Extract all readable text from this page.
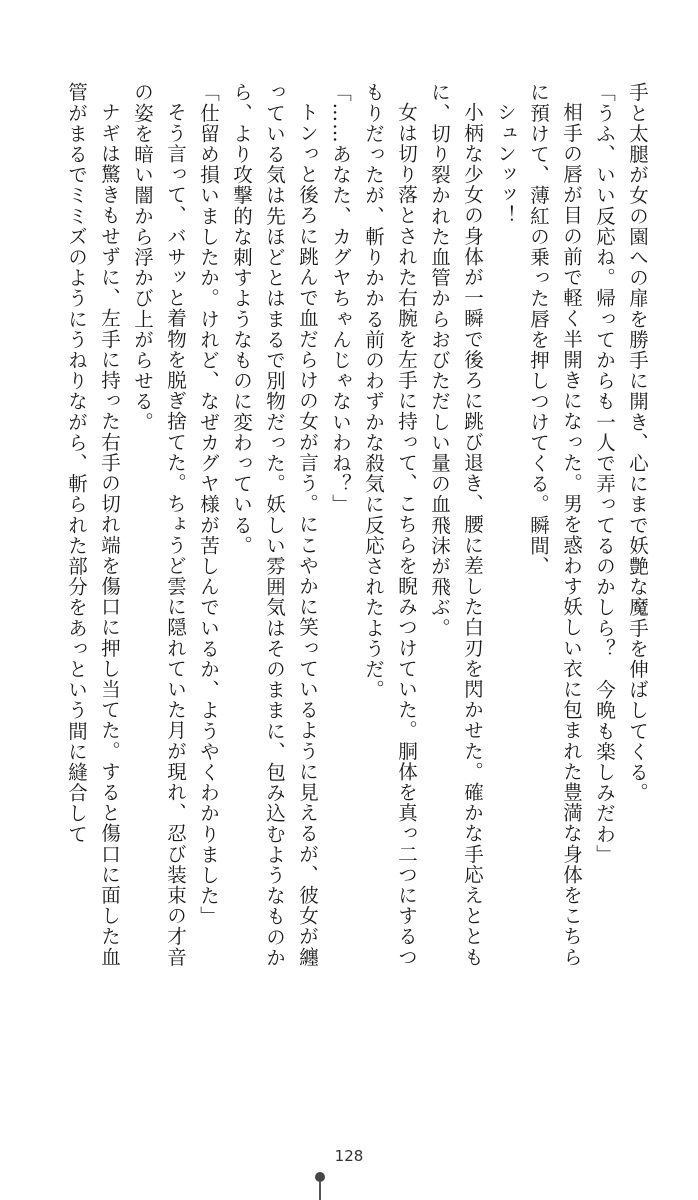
手と太腿が女の園への扉を勝手に開き、心にまで妖艶な魔手を伸ばしてくる。

「うふ、いい反応ね。帰ってからも一人で弄ってるのかしら？　今晩も楽しみだわ」

相手の唇が目の前で軽く半開きになった。男を惑わす妖しい衣に包まれた豊満な身体をこちらに預けて、薄紅の乗った唇を押しつけてくる。瞬間、

シュンッッ！

小柄な少女の身体が一瞬で後ろに跳び退き、腰に差した白刃を閃かせた。確かな手応えとともに、切り裂かれた血管からおびただしい量の血飛沫が飛ぶ。

女は切り落とされた右腕を左手に持って、こちらを睨みつけていた。胴体を真っ二つにするつもりだったが、斬りかかる前のわずかな殺気に反応されたようだ。

「……あなた、カグヤちゃんじゃないわね？」

トンっと後ろに跳んで血だらけの女が言う。にこやかに笑っているように見えるが、彼女が纏っている気は先ほどとはまるで別物だった。妖しい雰囲気はそのままに、包み込むようなものから、より攻撃的な刺すようなものに変わっている。

「仕留め損いましたか。けれど、なぜカグヤ様が苦しんでいるか、ようやくわかりました」

そう言って、バサッと着物を脱ぎ捨てた。ちょうど雲に隠れていた月が現れ、忍び装束の才音の姿を暗い闇から浮かび上がらせる。

ナギは驚きもせずに、左手に持った右手の切れ端を傷口に押し当てた。すると傷口に面した血管がまるでミミズのようにうねりながら、斬られた部分をあっという間に縫合して

128
